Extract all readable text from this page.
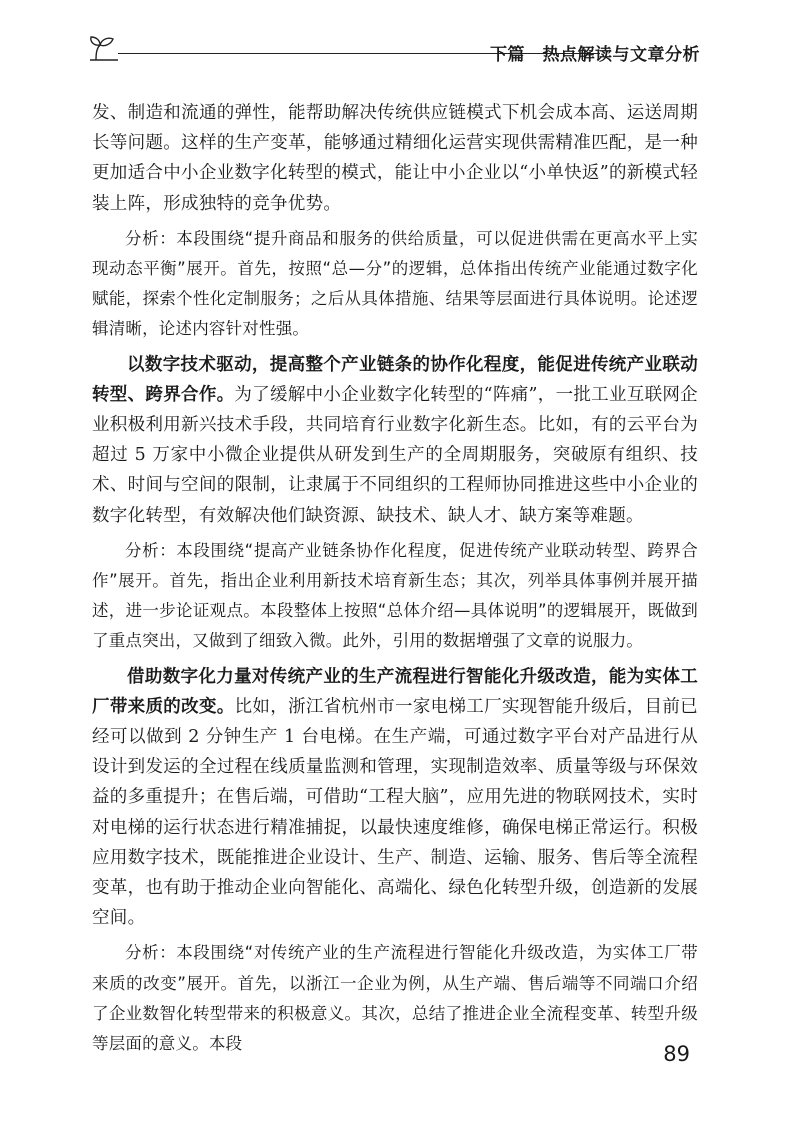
下篇　热点解读与文章分析

发、制造和流通的弹性，能帮助解决传统供应链模式下机会成本高、运送周期长等问题。这样的生产变革，能够通过精细化运营实现供需精准匹配，是一种更加适合中小企业数字化转型的模式，能让中小企业以“小单快返”的新模式轻装上阵，形成独特的竞争优势。

分析：本段围绕“提升商品和服务的供给质量，可以促进供需在更高水平上实现动态平衡”展开。首先，按照“总—分”的逻辑，总体指出传统产业能通过数字化赋能，探索个性化定制服务；之后从具体措施、结果等层面进行具体说明。论述逻辑清晰，论述内容针对性强。

以数字技术驱动，提高整个产业链条的协作化程度，能促进传统产业联动转型、跨界合作。为了缓解中小企业数字化转型的“阵痛”，一批工业互联网企业积极利用新兴技术手段，共同培育行业数字化新生态。比如，有的云平台为超过 5 万家中小微企业提供从研发到生产的全周期服务，突破原有组织、技术、时间与空间的限制，让隶属于不同组织的工程师协同推进这些中小企业的数字化转型，有效解决他们缺资源、缺技术、缺人才、缺方案等难题。

分析：本段围绕“提高产业链条协作化程度，促进传统产业联动转型、跨界合作”展开。首先，指出企业利用新技术培育新生态；其次，列举具体事例并展开描述，进一步论证观点。本段整体上按照“总体介绍—具体说明”的逻辑展开，既做到了重点突出，又做到了细致入微。此外，引用的数据增强了文章的说服力。

借助数字化力量对传统产业的生产流程进行智能化升级改造，能为实体工厂带来质的改变。比如，浙江省杭州市一家电梯工厂实现智能升级后，目前已经可以做到 2 分钟生产 1 台电梯。在生产端，可通过数字平台对产品进行从设计到发运的全过程在线质量监测和管理，实现制造效率、质量等级与环保效益的多重提升；在售后端，可借助“工程大脑”，应用先进的物联网技术，实时对电梯的运行状态进行精准捕捉，以最快速度维修，确保电梯正常运行。积极应用数字技术，既能推进企业设计、生产、制造、运输、服务、售后等全流程变革，也有助于推动企业向智能化、高端化、绿色化转型升级，创造新的发展空间。

分析：本段围绕“对传统产业的生产流程进行智能化升级改造，为实体工厂带来质的改变”展开。首先，以浙江一企业为例，从生产端、售后端等不同端口介绍了企业数智化转型带来的积极意义。其次，总结了推进企业全流程变革、转型升级等层面的意义。本段	89
